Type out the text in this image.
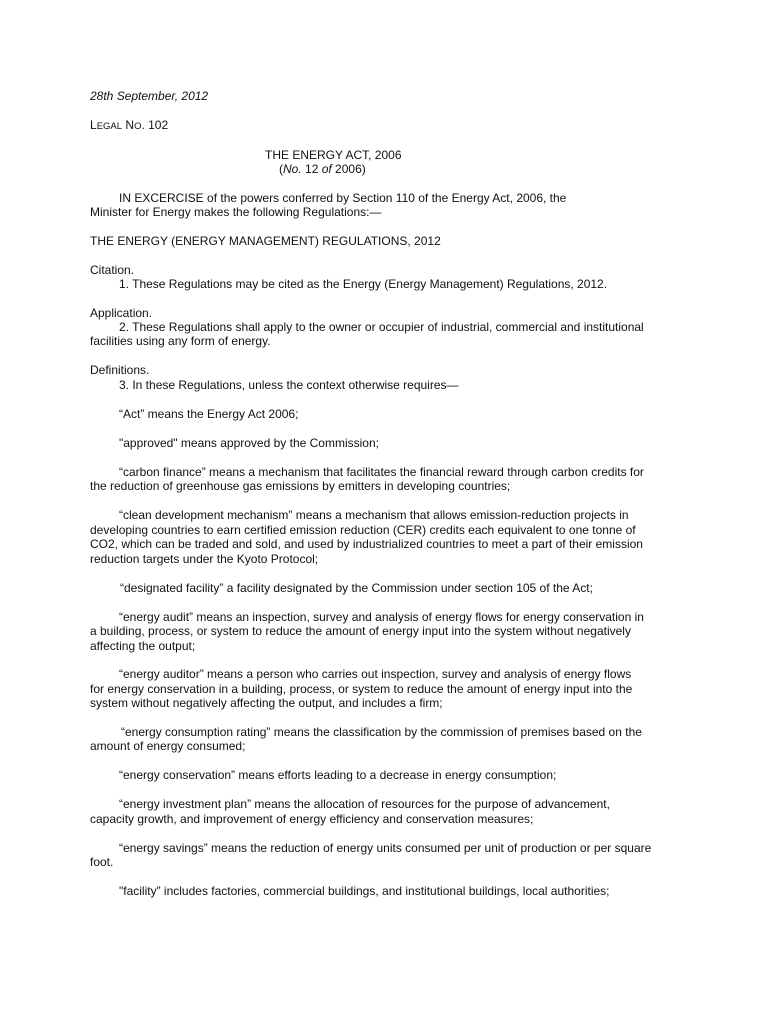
28th September, 2012
LEGAL NO. 102
THE ENERGY ACT, 2006
(No. 12 of 2006)
IN EXCERCISE of the powers conferred by Section 110 of the Energy Act, 2006, the
Minister for Energy makes the following Regulations:—
THE ENERGY (ENERGY MANAGEMENT) REGULATIONS, 2012
Citation.
1. These Regulations may be cited as the Energy (Energy Management) Regulations, 2012.
Application.
2. These Regulations shall apply to the owner or occupier of industrial, commercial and institutional
facilities using any form of energy.
Definitions.
3. In these Regulations, unless the context otherwise requires—
“Act” means the Energy Act 2006;
"approved" means approved by the Commission;
“carbon finance” means a mechanism that facilitates the financial reward through carbon credits for
the reduction of greenhouse gas emissions by emitters in developing countries;
“clean development mechanism” means a mechanism that allows emission-reduction projects in
developing countries to earn certified emission reduction (CER) credits each equivalent to one tonne of
CO2, which can be traded and sold, and used by industrialized countries to meet a part of their emission
reduction targets under the Kyoto Protocol;
“designated facility” a facility designated by the Commission under section 105 of the Act;
“energy audit” means an inspection, survey and analysis of energy flows for energy conservation in
a building, process, or system to reduce the amount of energy input into the system without negatively
affecting the output;
“energy auditor” means a person who carries out inspection, survey and analysis of energy flows
for energy conservation in a building, process, or system to reduce the amount of energy input into the
system without negatively affecting the output, and includes a firm;
“energy consumption rating” means the classification by the commission of premises based on the
amount of energy consumed;
“energy conservation” means efforts leading to a decrease in energy consumption;
“energy investment plan” means the allocation of resources for the purpose of advancement,
capacity growth, and improvement of energy efficiency and conservation measures;
“energy savings” means the reduction of energy units consumed per unit of production or per square
foot.
"facility” includes factories, commercial buildings, and institutional buildings, local authorities;
